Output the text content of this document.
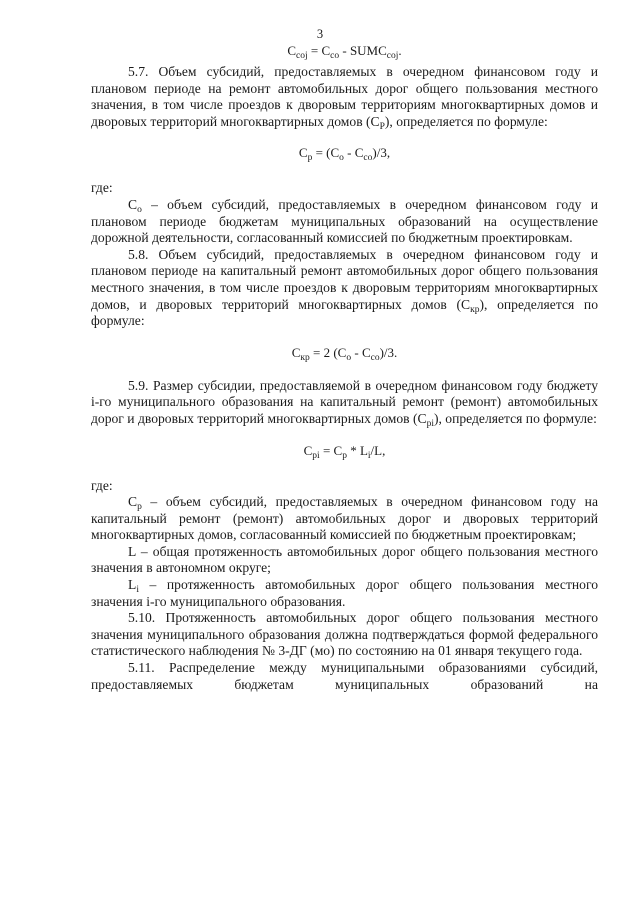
3
$С_{соj} = С_{со}$ - $SUMC_{соj}$.

5.7. Объем субсидий, предоставляемых в очередном финансовом году и плановом периоде на ремонт автомобильных дорог общего пользования местного значения, в том числе проездов к дворовым территориям многоквартирных домов и дворовых территорий многоквартирных домов $(С_Р)$, определяется по формуле:

$С_р = (С_о - С_{со})/3$,

где:

$С_о$ – объем субсидий, предоставляемых в очередном финансовом году и плановом периоде бюджетам муниципальных образований на осуществление дорожной деятельности, согласованный комиссией по бюджетным проектировкам.

5.8. Объем субсидий, предоставляемых в очередном финансовом году и плановом периоде на капитальный ремонт автомобильных дорог общего пользования местного значения, в том числе проездов к дворовым территориям многоквартирных домов, и дворовых территорий многоквартирных домов $(С_{кр})$, определяется по формуле:

$С_{кр} = 2$ $(С_о - С_{со})/3$.

5.9. Размер субсидии, предоставляемой в очередном финансовом году бюджету i-го муниципального образования на капитальный ремонт (ремонт) автомобильных дорог и дворовых территорий многоквартирных домов $(С_{рi})$, определяется по формуле:

$С_{рi} = С_р * L_i/L$,

где:

$С_р$ – объем субсидий, предоставляемых в очередном финансовом году на капитальный ремонт (ремонт) автомобильных дорог и дворовых территорий многоквартирных домов, согласованный комиссией по бюджетным проектировкам;

L – общая протяженность автомобильных дорог общего пользования местного значения в автономном округе;

$L_i$ – протяженность автомобильных дорог общего пользования местного значения i-го муниципального образования.

5.10. Протяженность автомобильных дорог общего пользования местного значения муниципального образования должна подтверждаться формой федерального статистического наблюдения № 3-ДГ (мо) по состоянию на 01 января текущего года.

5.11. Распределение между муниципальными образованиями субсидий, предоставляемых бюджетам муниципальных образований на
